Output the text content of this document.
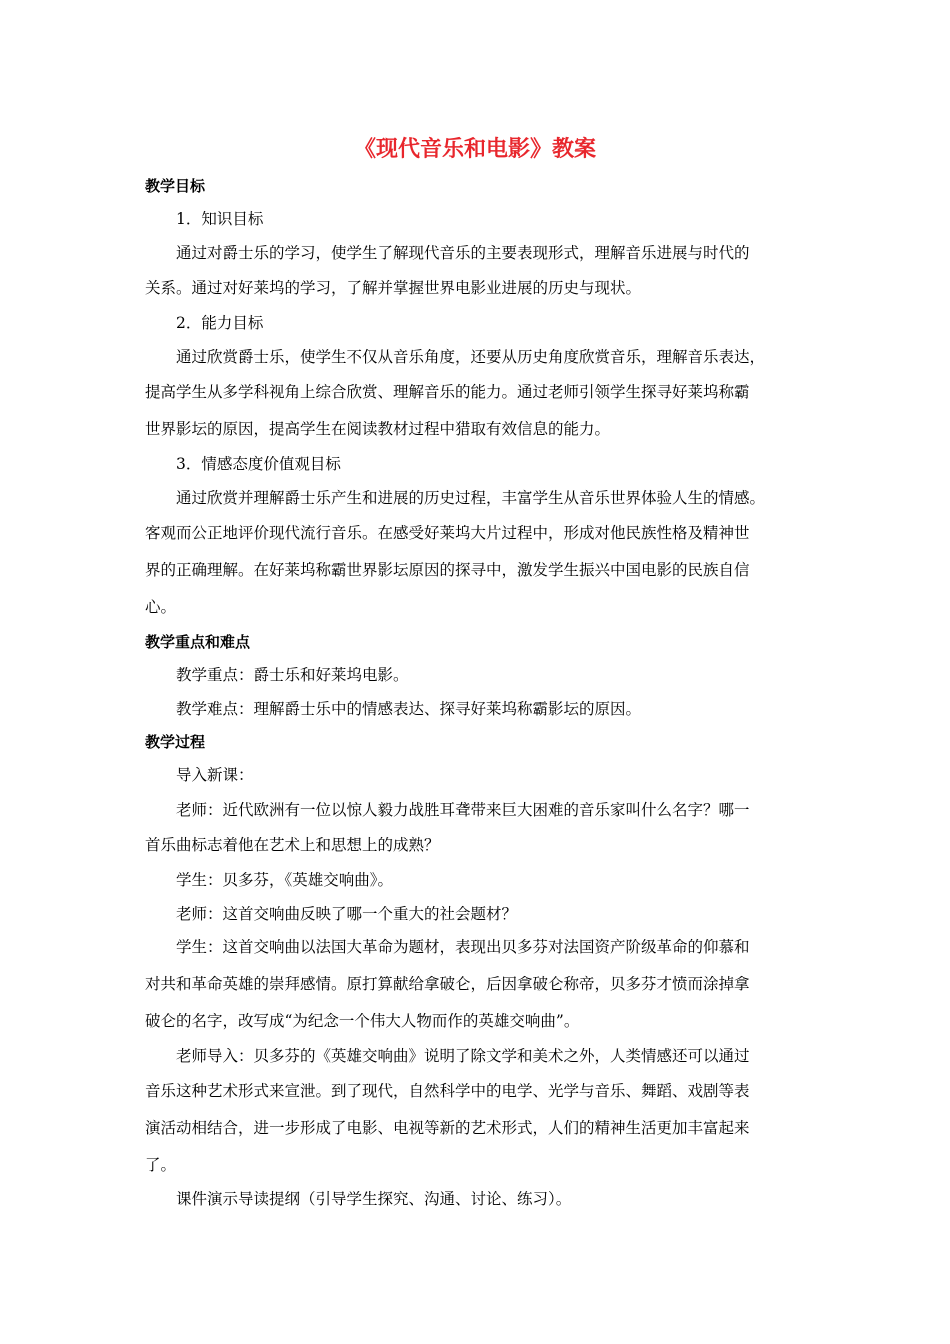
《现代音乐和电影》教案
教学目标
1．知识目标
通过对爵士乐的学习，使学生了解现代音乐的主要表现形式，理解音乐进展与时代的
关系。通过对好莱坞的学习，了解并掌握世界电影业进展的历史与现状。
2．能力目标
通过欣赏爵士乐，使学生不仅从音乐角度，还要从历史角度欣赏音乐，理解音乐表达，
提高学生从多学科视角上综合欣赏、理解音乐的能力。通过老师引领学生探寻好莱坞称霸
世界影坛的原因，提高学生在阅读教材过程中猎取有效信息的能力。
3．情感态度价值观目标
通过欣赏并理解爵士乐产生和进展的历史过程，丰富学生从音乐世界体验人生的情感。
客观而公正地评价现代流行音乐。在感受好莱坞大片过程中，形成对他民族性格及精神世
界的正确理解。在好莱坞称霸世界影坛原因的探寻中，激发学生振兴中国电影的民族自信
心。
教学重点和难点
教学重点：爵士乐和好莱坞电影。
教学难点：理解爵士乐中的情感表达、探寻好莱坞称霸影坛的原因。
教学过程
导入新课：
老师：近代欧洲有一位以惊人毅力战胜耳聋带来巨大困难的音乐家叫什么名字？哪一
首乐曲标志着他在艺术上和思想上的成熟？
学生：贝多芬，《英雄交响曲》。
老师：这首交响曲反映了哪一个重大的社会题材？
学生：这首交响曲以法国大革命为题材，表现出贝多芬对法国资产阶级革命的仰慕和
对共和革命英雄的崇拜感情。原打算献给拿破仑，后因拿破仑称帝，贝多芬才愤而涂掉拿
破仑的名字，改写成“为纪念一个伟大人物而作的英雄交响曲”。
老师导入：贝多芬的《英雄交响曲》说明了除文学和美术之外，人类情感还可以通过
音乐这种艺术形式来宣泄。到了现代，自然科学中的电学、光学与音乐、舞蹈、戏剧等表
演活动相结合，进一步形成了电影、电视等新的艺术形式，人们的精神生活更加丰富起来
了。
课件演示导读提纲（引导学生探究、沟通、讨论、练习）。
